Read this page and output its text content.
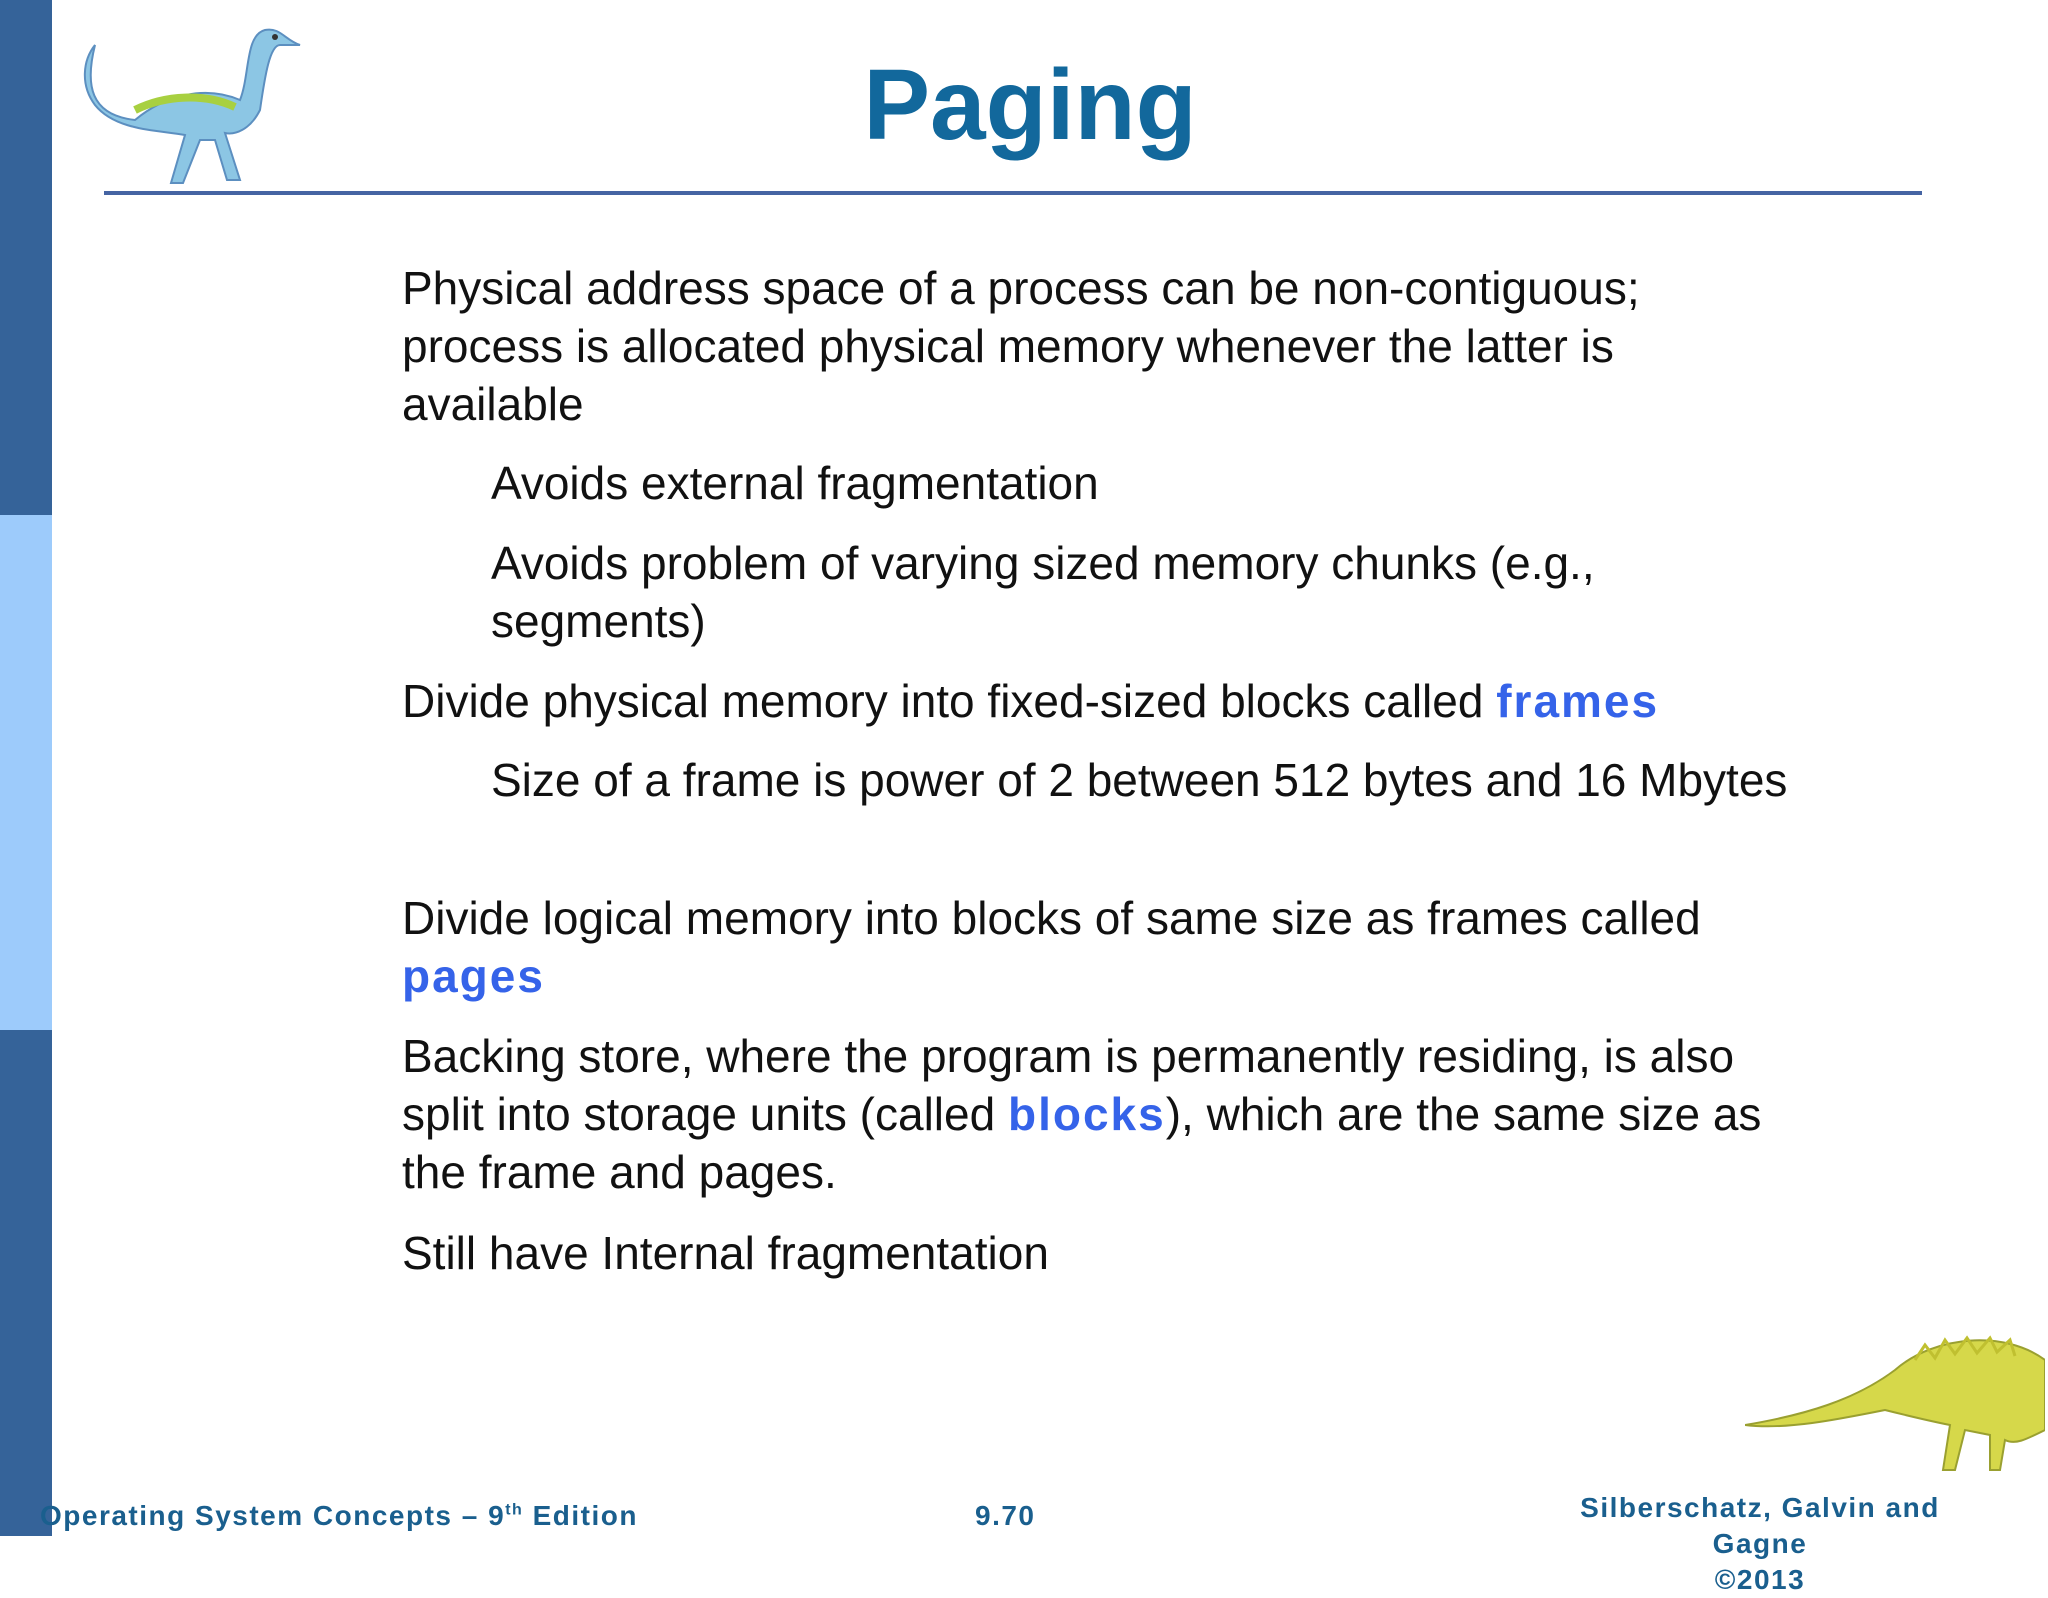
Paging
Physical address space of a process can be non-contiguous; process is allocated physical memory whenever the latter is available
Avoids external fragmentation
Avoids problem of varying sized memory chunks (e.g., segments)
Divide physical memory into fixed-sized blocks called frames
Size of a frame is power of 2 between 512 bytes and 16 Mbytes
Divide logical memory into blocks of same size as frames called pages
Backing store, where the program is permanently residing, is also split into storage units (called blocks), which are the same size as the frame and pages.
Still have Internal fragmentation
Operating System Concepts – 9th Edition	9.70	Silberschatz, Galvin and Gagne
©2013
